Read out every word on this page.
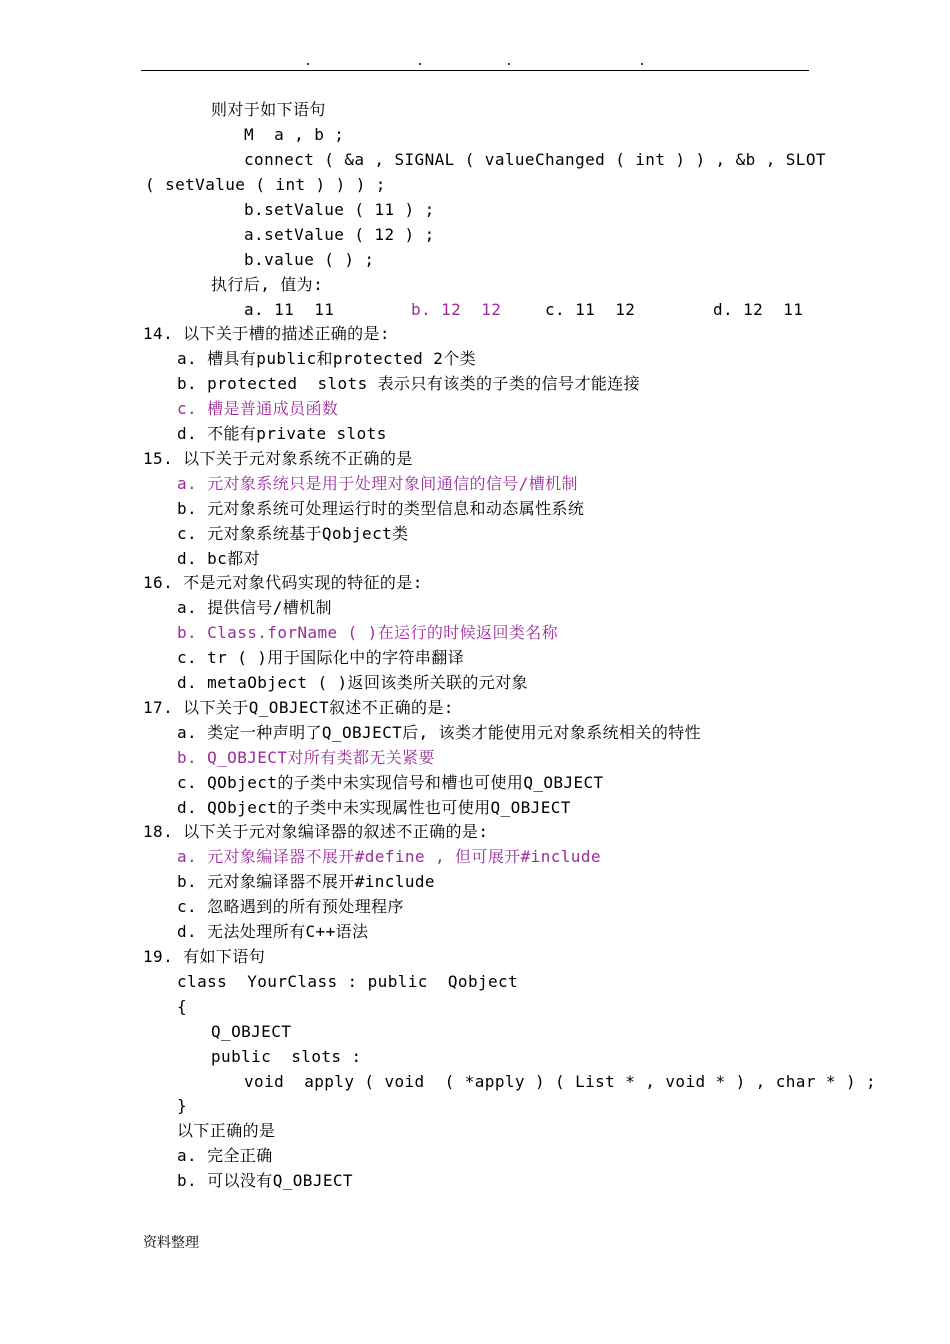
则对于如下语句
M  a , b ;
connect ( &a , SIGNAL ( valueChanged ( int ) ) , &b , SLOT
( setValue ( int ) ) ) ;
b.setValue ( 11 ) ;
a.setValue ( 12 ) ;
b.value ( ) ;
执行后, 值为:
14. 以下关于槽的描述正确的是:
a. 槽具有public和protected 2个类
b. protected  slots 表示只有该类的子类的信号才能连接
c. 槽是普通成员函数
d. 不能有private slots
15. 以下关于元对象系统不正确的是
a. 元对象系统只是用于处理对象间通信的信号/槽机制
b. 元对象系统可处理运行时的类型信息和动态属性系统
c. 元对象系统基于Qobject类
d. bc都对
16. 不是元对象代码实现的特征的是:
a. 提供信号/槽机制
b. Class.forName ( )在运行的时候返回类名称
c. tr ( )用于国际化中的字符串翻译
d. metaObject ( )返回该类所关联的元对象
17. 以下关于Q_OBJECT叙述不正确的是:
a. 类定一种声明了Q_OBJECT后, 该类才能使用元对象系统相关的特性
b. Q_OBJECT对所有类都无关紧要
c. QObject的子类中未实现信号和槽也可使用Q_OBJECT
d. QObject的子类中未实现属性也可使用Q_OBJECT
18. 以下关于元对象编译器的叙述不正确的是:
a. 元对象编译器不展开#define , 但可展开#include
b. 元对象编译器不展开#include
c. 忽略遇到的所有预处理程序
d. 无法处理所有C++语法
19. 有如下语句
class  YourClass : public  Qobject
{
Q_OBJECT
public  slots :
void  apply ( void  ( *apply ) ( List * , void * ) , char * ) ;
}
以下正确的是
a. 完全正确
b. 可以没有Q_OBJECT
a. 11  11	b. 12  12	c. 11  12	d. 12  11
资料整理
